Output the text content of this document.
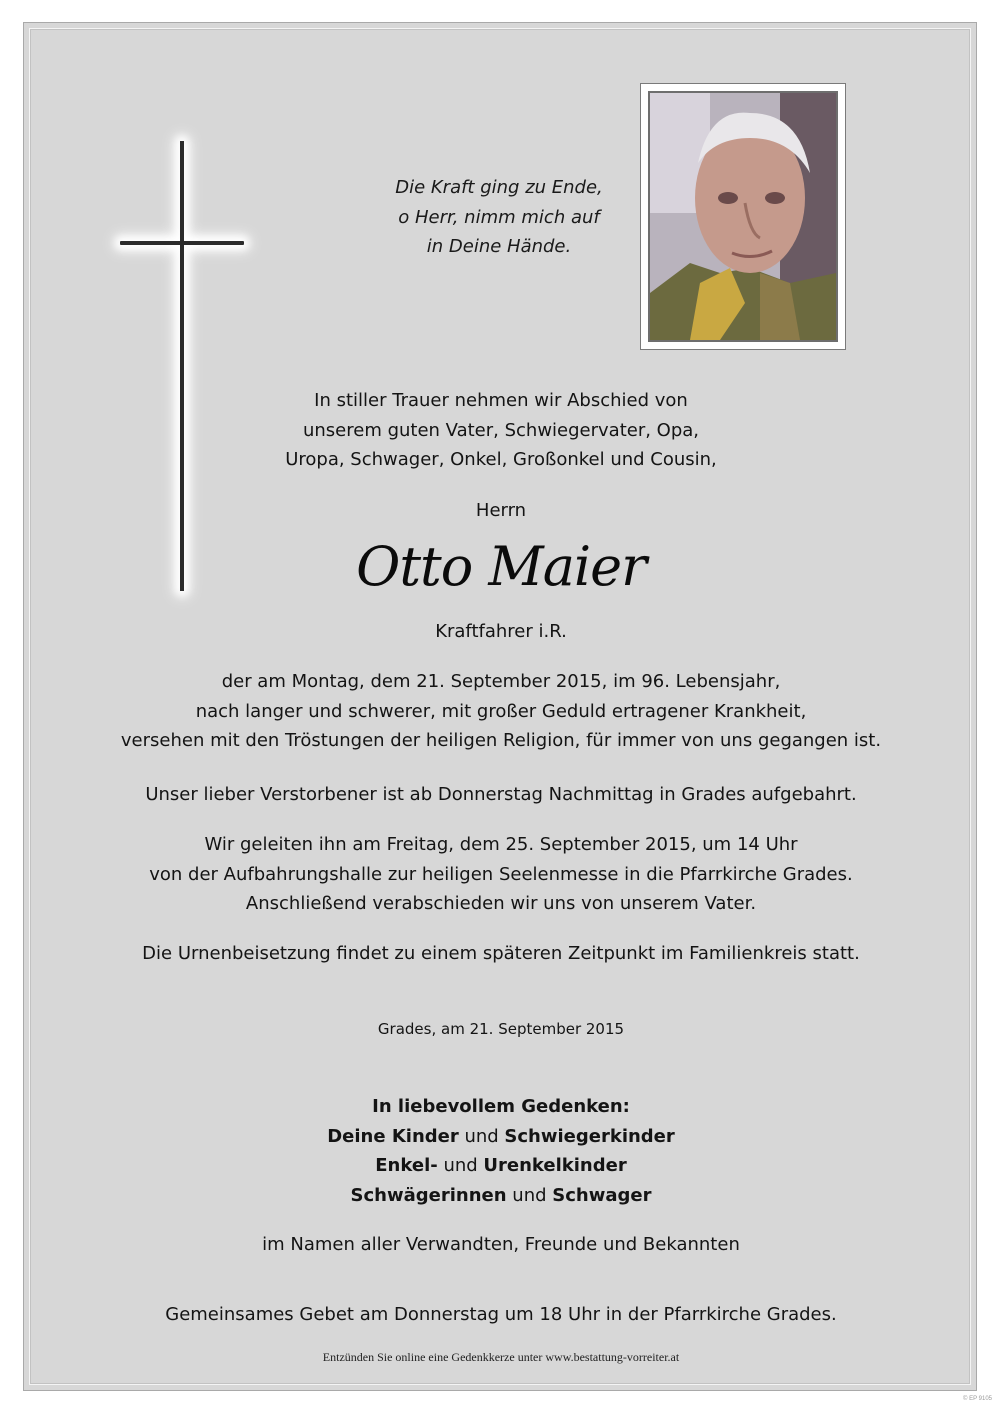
Die Kraft ging zu Ende,
o Herr, nimm mich auf
in Deine Hände.
In stiller Trauer nehmen wir Abschied von
unserem guten Vater, Schwiegervater, Opa,
Uropa, Schwager, Onkel, Großonkel und Cousin,
Herrn
Otto Maier
Kraftfahrer i.R.
der am Montag, dem 21. September 2015, im 96. Lebensjahr,
nach langer und schwerer, mit großer Geduld ertragener Krankheit,
versehen mit den Tröstungen der heiligen Religion, für immer von uns gegangen ist.
Unser lieber Verstorbener ist ab Donnerstag Nachmittag in Grades aufgebahrt.
Wir geleiten ihn am Freitag, dem 25. September 2015, um 14 Uhr
von der Aufbahrungshalle zur heiligen Seelenmesse in die Pfarrkirche Grades.
Anschließend verabschieden wir uns von unserem Vater.
Die Urnenbeisetzung findet zu einem späteren Zeitpunkt im Familienkreis statt.
Grades, am 21. September 2015
In liebevollem Gedenken:
Deine Kinder und Schwiegerkinder
Enkel- und Urenkelkinder
Schwägerinnen und Schwager
im Namen aller Verwandten, Freunde und Bekannten
Gemeinsames Gebet am Donnerstag um 18 Uhr in der Pfarrkirche Grades.
Entzünden Sie online eine Gedenkkerze unter www.bestattung-vorreiter.at
© EP 9105
